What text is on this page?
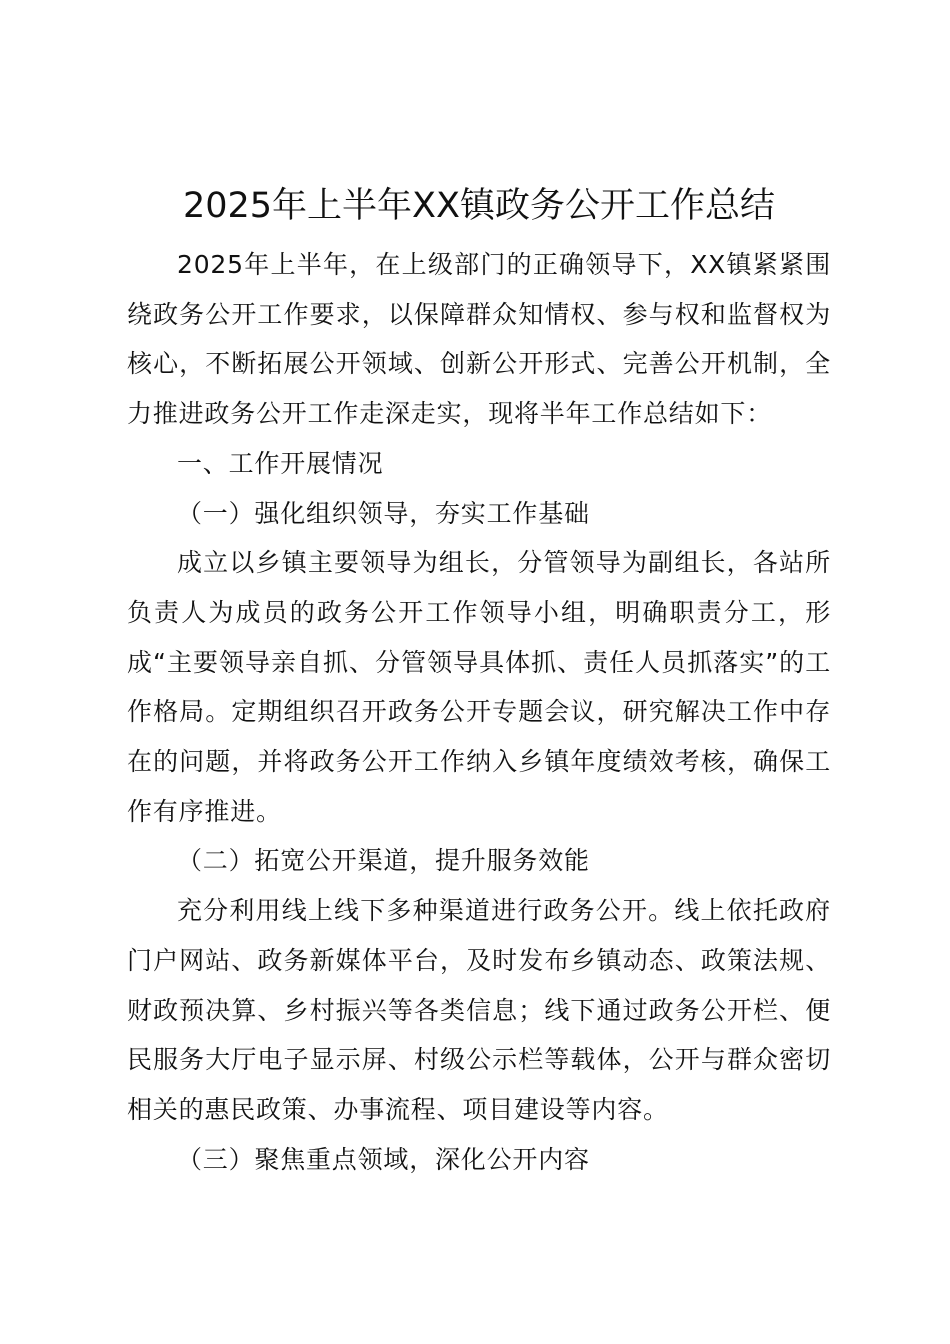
2025年上半年XX镇政务公开工作总结

2025年上半年，在上级部门的正确领导下，XX镇紧紧围绕政务公开工作要求，以保障群众知情权、参与权和监督权为核心，不断拓展公开领域、创新公开形式、完善公开机制，全力推进政务公开工作走深走实，现将半年工作总结如下：

一、工作开展情况

（一）强化组织领导，夯实工作基础

成立以乡镇主要领导为组长，分管领导为副组长，各站所负责人为成员的政务公开工作领导小组，明确职责分工，形成“主要领导亲自抓、分管领导具体抓、责任人员抓落实”的工作格局。定期组织召开政务公开专题会议，研究解决工作中存在的问题，并将政务公开工作纳入乡镇年度绩效考核，确保工作有序推进。

（二）拓宽公开渠道，提升服务效能

充分利用线上线下多种渠道进行政务公开。线上依托政府门户网站、政务新媒体平台，及时发布乡镇动态、政策法规、财政预决算、乡村振兴等各类信息；线下通过政务公开栏、便民服务大厅电子显示屏、村级公示栏等载体，公开与群众密切相关的惠民政策、办事流程、项目建设等内容。

（三）聚焦重点领域，深化公开内容
